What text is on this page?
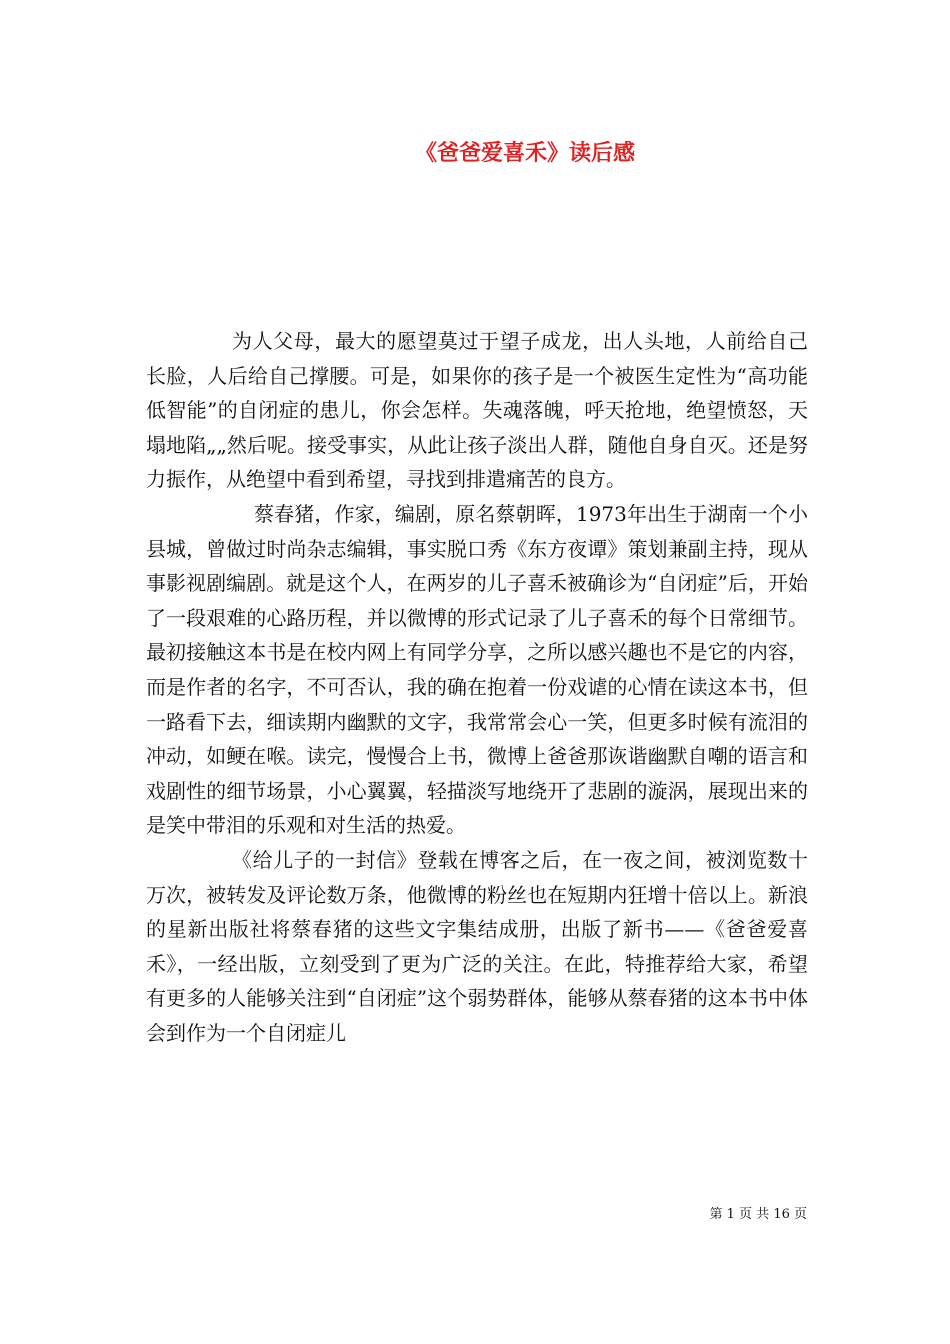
《爸爸爱喜禾》读后感

为人父母，最大的愿望莫过于望子成龙，出人头地，人前给自己长脸，人后给自己撑腰。可是，如果你的孩子是一个被医生定性为“高功能低智能”的自闭症的患儿，你会怎样。失魂落魄，呼天抢地，绝望愤怒，天塌地陷„„然后呢。接受事实，从此让孩子淡出人群，随他自身自灭。还是努力振作，从绝望中看到希望，寻找到排遣痛苦的良方。

蔡春猪，作家，编剧，原名蔡朝晖，1973年出生于湖南一个小县城，曾做过时尚杂志编辑，事实脱口秀《东方夜谭》策划兼副主持，现从事影视剧编剧。就是这个人，在两岁的儿子喜禾被确诊为“自闭症”后，开始了一段艰难的心路历程，并以微博的形式记录了儿子喜禾的每个日常细节。最初接触这本书是在校内网上有同学分享，之所以感兴趣也不是它的内容，而是作者的名字，不可否认，我的确在抱着一份戏谑的心情在读这本书，但一路看下去，细读期内幽默的文字，我常常会心一笑，但更多时候有流泪的冲动，如鲠在喉。读完，慢慢合上书，微博上爸爸那诙谐幽默自嘲的语言和戏剧性的细节场景，小心翼翼，轻描淡写地绕开了悲剧的漩涡，展现出来的是笑中带泪的乐观和对生活的热爱。

《给儿子的一封信》登载在博客之后，在一夜之间，被浏览数十万次，被转发及评论数万条，他微博的粉丝也在短期内狂增十倍以上。新浪的星新出版社将蔡春猪的这些文字集结成册，出版了新书——《爸爸爱喜禾》，一经出版，立刻受到了更为广泛的关注。在此，特推荐给大家，希望有更多的人能够关注到“自闭症”这个弱势群体，能够从蔡春猪的这本书中体会到作为一个自闭症儿

第 1 页 共 16 页
